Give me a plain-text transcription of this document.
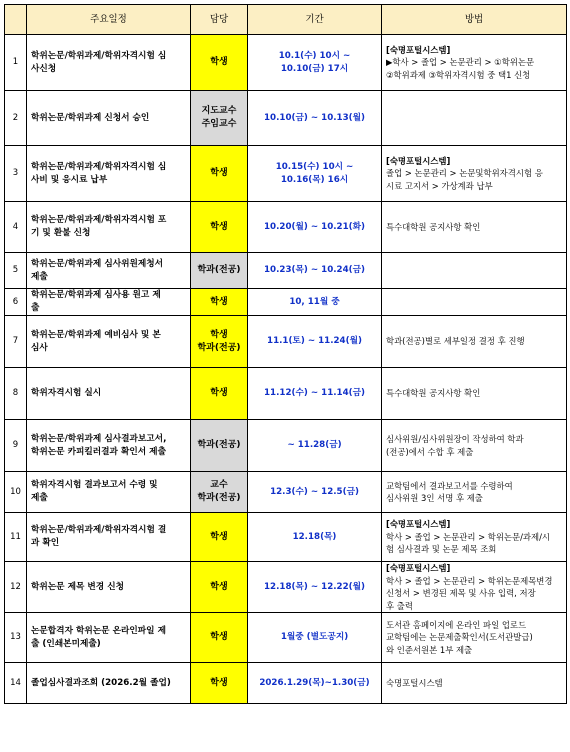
	주요일정	담당	기간	방법
1	학위논문/학위과제/학위자격시험 심
사신청	학생	10.1(수) 10시 ~
10.10(금) 17시	[숙명포털시스템]
▶학사 > 졸업 > 논문관리 > ①학위논문
②학위과제 ③학위자격시험 중 택1 신청

2	학위논문/학위과제 신청서 승인	지도교수
주임교수	10.10(금) ~ 10.13(월)	

3	학위논문/학위과제/학위자격시험 심
사비 및 응시료 납부	학생	10.15(수) 10시 ~
10.16(목) 16시	[숙명포털시스템]
졸업 > 논문관리 > 논문및학위자격시험 응
시료 고지서 > 가상계좌 납부

4	학위논문/학위과제/학위자격시험 포
기 및 환불 신청	학생	10.20(월) ~ 10.21(화)	특수대학원 공지사항 확인

5	학위논문/학위과제 심사위원제청서
제출	학과(전공)	10.23(목) ~ 10.24(금)	

6	학위논문/학위과제 심사용 원고 제
출	학생	10, 11월 중	

7	학위논문/학위과제 예비심사 및 본
심사	학생
학과(전공)	11.1(토) ~ 11.24(월)	학과(전공)별로 세부일정 결정 후 진행

8	학위자격시험 실시	학생	11.12(수) ~ 11.14(금)	특수대학원 공지사항 확인

9	학위논문/학위과제 심사결과보고서,
학위논문 카피킬러결과 확인서 제출	학과(전공)	~ 11.28(금)	심사위원/심사위원장이 작성하여 학과
(전공)에서 수합 후 제출

10	학위자격시험 결과보고서 수령 및
제출	교수
학과(전공)	12.3(수) ~ 12.5(금)	교학팀에서 결과보고서를 수령하여
심사위원 3인 서명 후 제출

11	학위논문/학위과제/학위자격시험 결
과 확인	학생	12.18(목)	[숙명포털시스템]
학사 > 졸업 > 논문관리 > 학위논문/과제/시
험 심사결과 및 논문 제목 조회

12	학위논문 제목 변경 신청	학생	12.18(목) ~ 12.22(월)	[숙명포털시스템]
학사 > 졸업 > 논문관리 > 학위논문제목변경
신청서 > 변경된 제목 및 사유 입력, 저장
후 출력

13	논문합격자 학위논문 온라인파일 제
출 (인쇄본미제출)	학생	1월중 (별도공지)	도서관 홈페이지에 온라인 파일 업로드
교학팀에는 논문제출확인서(도서관발급)
와 인준서원본 1부 제출

14	졸업심사결과조회 (2026.2월 졸업)	학생	2026.1.29(목)~1.30(금)	숙명포털시스템
